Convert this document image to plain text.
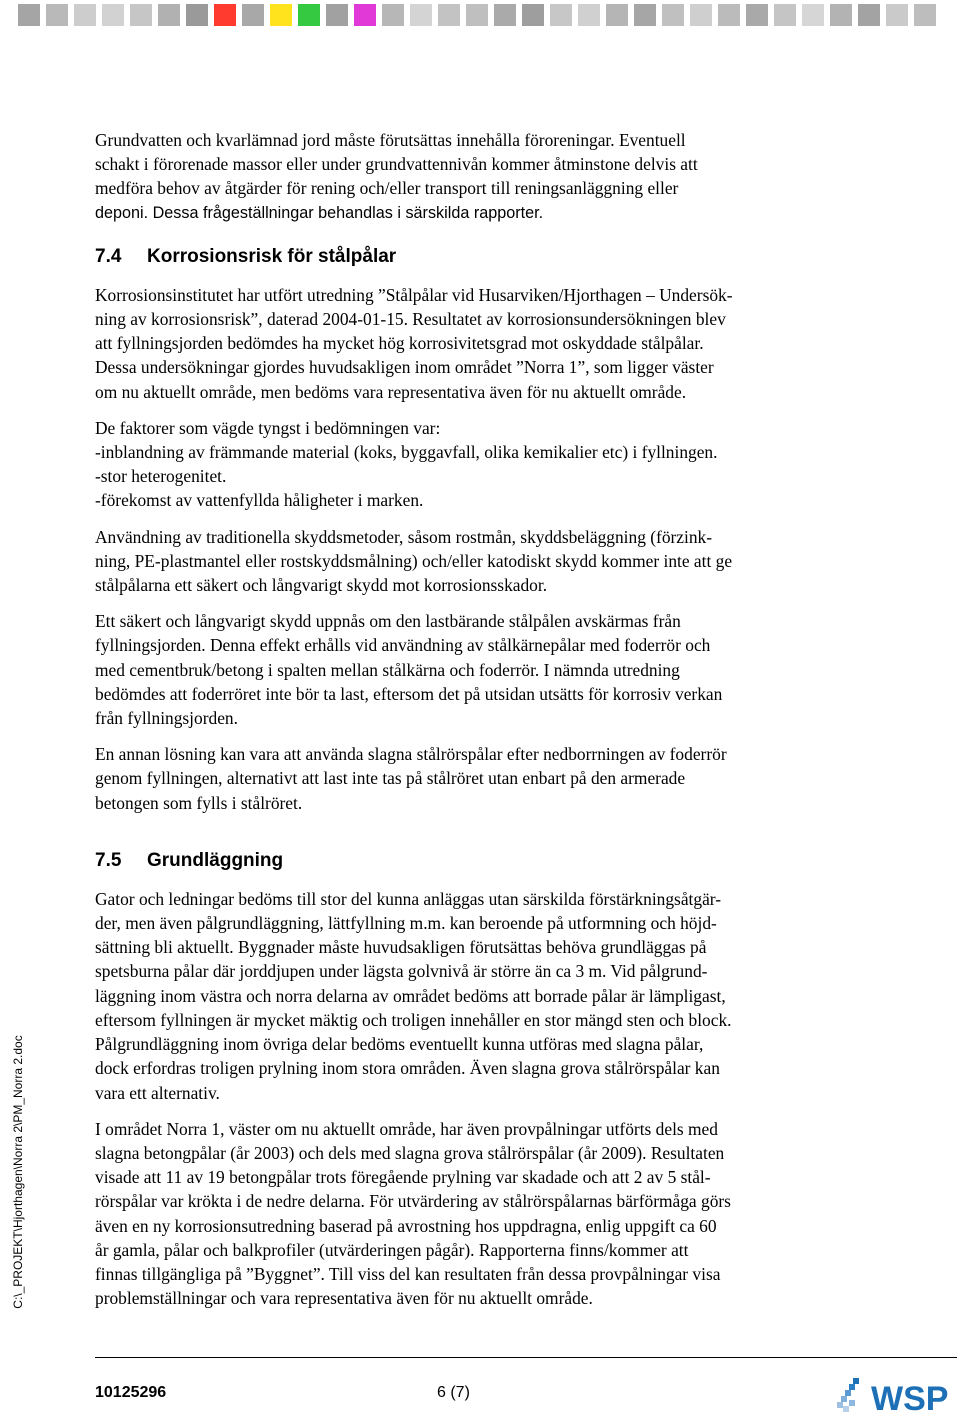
Grundvatten och kvarlämnad jord måste förutsättas innehålla föroreningar. Eventuell
schakt i förorenade massor eller under grundvattennivån kommer åtminstone delvis att
medföra behov av åtgärder för rening och/eller transport till reningsanläggning eller
deponi. Dessa frågeställningar behandlas i särskilda rapporter.

7.4 Korrosionsrisk för stålpålar

Korrosionsinstitutet har utfört utredning ”Stålpålar vid Husarviken/Hjorthagen – Undersök-
ning av korrosionsrisk”, daterad 2004-01-15. Resultatet av korrosionsundersökningen blev
att fyllningsjorden bedömdes ha mycket hög korrosivitetsgrad mot oskyddade stålpålar.
Dessa undersökningar gjordes huvudsakligen inom området ”Norra 1”, som ligger väster
om nu aktuellt område, men bedöms vara representativa även för nu aktuellt område.

De faktorer som vägde tyngst i bedömningen var:
-inblandning av främmande material (koks, byggavfall, olika kemikalier etc) i fyllningen.
-stor heterogenitet.
-förekomst av vattenfyllda håligheter i marken.

Användning av traditionella skyddsmetoder, såsom rostmån, skyddsbeläggning (förzink-
ning, PE-plastmantel eller rostskyddsmålning) och/eller katodiskt skydd kommer inte att ge
stålpålarna ett säkert och långvarigt skydd mot korrosionsskador.

Ett säkert och långvarigt skydd uppnås om den lastbärande stålpålen avskärmas från
fyllningsjorden. Denna effekt erhålls vid användning av stålkärnepålar med foderrör och
med cementbruk/betong i spalten mellan stålkärna och foderrör. I nämnda utredning
bedömdes att foderröret inte bör ta last, eftersom det på utsidan utsätts för korrosiv verkan
från fyllningsjorden.

En annan lösning kan vara att använda slagna stålrörspålar efter nedborrningen av foderrör
genom fyllningen, alternativt att last inte tas på stålröret utan enbart på den armerade
betongen som fylls i stålröret.

7.5 Grundläggning

Gator och ledningar bedöms till stor del kunna anläggas utan särskilda förstärkningsåtgär-
der, men även pålgrundläggning, lättfyllning m.m. kan beroende på utformning och höjd-
sättning bli aktuellt. Byggnader måste huvudsakligen förutsättas behöva grundläggas på
spetsburna pålar där jorddjupen under lägsta golvnivå är större än ca 3 m. Vid pålgrund-
läggning inom västra och norra delarna av området bedöms att borrade pålar är lämpligast,
eftersom fyllningen är mycket mäktig och troligen innehåller en stor mängd sten och block.
Pålgrundläggning inom övriga delar bedöms eventuellt kunna utföras med slagna pålar,
dock erfordras troligen prylning inom stora områden. Även slagna grova stålrörspålar kan
vara ett alternativ.

I området Norra 1, väster om nu aktuellt område, har även provpålningar utförts dels med
slagna betongpålar (år 2003) och dels med slagna grova stålrörspålar (år 2009). Resultaten
visade att 11 av 19 betongpålar trots föregående prylning var skadade och att 2 av 5 stål-
rörspålar var krökta i de nedre delarna. För utvärdering av stålrörspålarnas bärförmåga görs
även en ny korrosionsutredning baserad på avrostning hos uppdragna, enlig uppgift ca 60
år gamla, pålar och balkprofiler (utvärderingen pågår). Rapporterna finns/kommer att
finnas tillgängliga på ”Byggnet”. Till viss del kan resultaten från dessa provpålningar visa
problemställningar och vara representativa även för nu aktuellt område.

C:\_PROJEKT\Hjorthagen\Norra 2\PM_Norra 2.doc
10125296	6 (7)	WSP
